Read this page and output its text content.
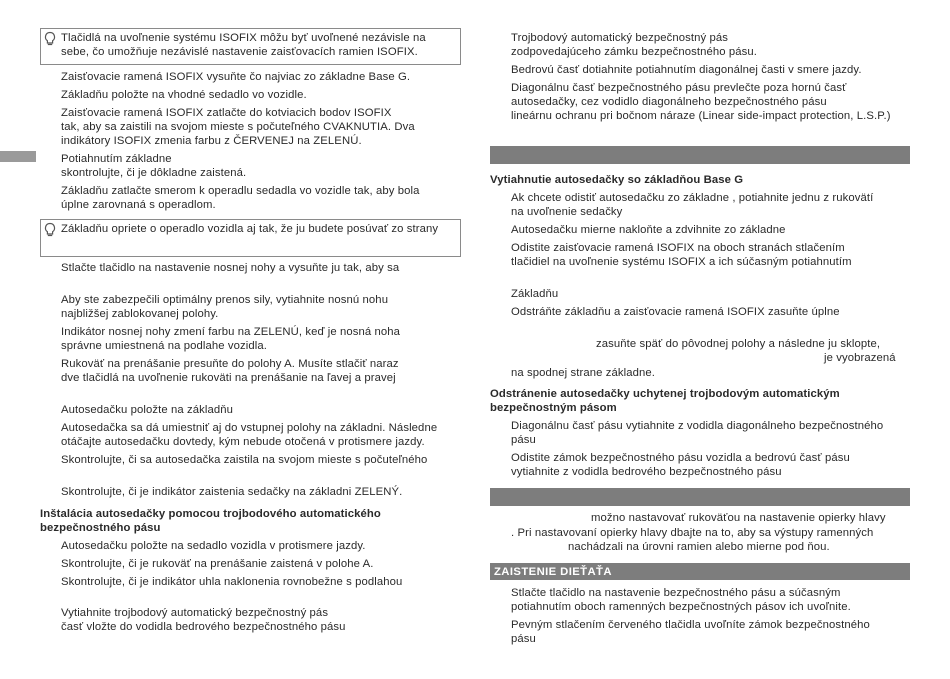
Tlačidlá na uvoľnenie systému ISOFIX môžu byť uvoľnené nezávisle na
sebe, čo umožňuje nezávislé nastavenie zaisťovacích ramien ISOFIX.
Zaisťovacie ramená ISOFIX vysuňte čo najviac zo základne Base G.
Základňu položte na vhodné sedadlo vo vozidle.
Zaisťovacie ramená ISOFIX zatlačte do kotviacich bodov ISOFIX
tak, aby sa zaistili na svojom mieste s počuteľného CVAKNUTIA. Dva
indikátory ISOFIX zmenia farbu z ČERVENEJ na ZELENÚ.
Potiahnutím základne
skontrolujte, či je dôkladne zaistená.
Základňu zatlačte smerom k operadlu sedadla vo vozidle tak, aby bola
úplne zarovnaná s operadlom.
Základňu opriete o operadlo vozidla aj tak, že ju budete posúvať zo strany
Stlačte tlačidlo na nastavenie nosnej nohy a vysuňte ju tak, aby sa
Aby ste zabezpečili optimálny prenos sily, vytiahnite nosnú nohu
najbližšej zablokovanej polohy.
Indikátor nosnej nohy zmení farbu na ZELENÚ, keď je nosná noha
správne umiestnená na podlahe vozidla.
Rukoväť na prenášanie presuňte do polohy A. Musíte stlačiť naraz
dve tlačidlá na uvoľnenie rukoväti na prenášanie na ľavej a pravej
Autosedačku položte na základňu
Autosedačka sa dá umiestniť aj do vstupnej polohy na základni. Následne
otáčajte autosedačku dovtedy, kým nebude otočená v protismere jazdy.
Skontrolujte, či sa autosedačka zaistila na svojom mieste s počuteľného
Skontrolujte, či je indikátor zaistenia sedačky na základni ZELENÝ.
Inštalácia autosedačky pomocou trojbodového automatického
bezpečnostného pásu
Autosedačku položte na sedadlo vozidla v protismere jazdy.
Skontrolujte, či je rukoväť na prenášanie zaistená v polohe A.
Skontrolujte, či je indikátor uhla naklonenia rovnobežne s podlahou
Vytiahnite trojbodový automatický bezpečnostný pás
časť vložte do vodidla bedrového bezpečnostného pásu
Trojbodový automatický bezpečnostný pás
zodpovedajúceho zámku bezpečnostného pásu.
Bedrovú časť dotiahnite potiahnutím diagonálnej časti v smere jazdy.
Diagonálnu časť bezpečnostného pásu prevlečte poza hornú časť
autosedačky, cez vodidlo diagonálneho bezpečnostného pásu
lineárnu ochranu pri bočnom náraze (Linear side-impact protection, L.S.P.)
Vytiahnutie autosedačky so základňou Base G
Ak chcete odistiť autosedačku zo základne , potiahnite jednu z rukovätí
na uvoľnenie sedačky
Autosedačku mierne nakloňte a zdvihnite zo základne
Odistite zaisťovacie ramená ISOFIX na oboch stranách stlačením
tlačidiel na uvoľnenie systému ISOFIX a ich súčasným potiahnutím
Základňu
Odstráňte základňu a zaisťovacie ramená ISOFIX zasuňte úplne
zasuňte späť do pôvodnej polohy a následne ju sklopte,
je vyobrazená
na spodnej strane základne.
Odstránenie autosedačky uchytenej trojbodovým automatickým
bezpečnostným pásom
Diagonálnu časť pásu vytiahnite z vodidla diagonálneho bezpečnostného
pásu
Odistite zámok bezpečnostného pásu vozidla a bedrovú časť pásu
vytiahnite z vodidla bedrového bezpečnostného pásu
možno nastavovať rukoväťou na nastavenie opierky hlavy
. Pri nastavovaní opierky hlavy dbajte na to, aby sa výstupy ramenných
nachádzali na úrovni ramien alebo mierne pod ňou.
ZAISTENIE DIEŤAŤA
Stlačte tlačidlo na nastavenie bezpečnostného pásu a súčasným
potiahnutím oboch ramenných bezpečnostných pásov ich uvoľnite.
Pevným stlačením červeného tlačidla uvoľníte zámok bezpečnostného
pásu
